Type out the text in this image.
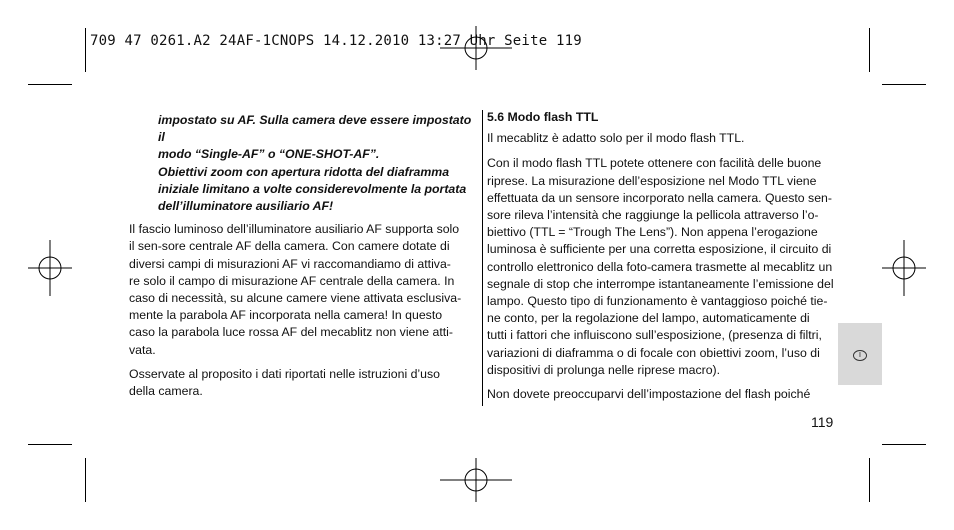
709 47 0261.A2 24AF-1CNOPS 14.12.2010 13:27 Uhr Seite 119

impostato su AF. Sulla camera deve essere impostato il

modo “Single-AF” o “ONE-SHOT-AF”.

Obiettivi zoom con apertura ridotta del diaframma

iniziale limitano a volte considerevolmente la portata

dell’illuminatore ausiliario AF!

Il fascio luminoso dell’illuminatore ausiliario AF supporta solo

il sen-sore centrale AF della camera. Con camere dotate di

diversi campi di misurazioni AF vi raccomandiamo di attiva-

re solo il campo di misurazione AF centrale della camera. In

caso di necessità, su alcune camere viene attivata esclusiva-

mente la parabola AF incorporata nella camera! In questo

caso la parabola luce rossa AF del mecablitz non viene atti-

vata.

Osservate al proposito i dati riportati nelle istruzioni d’uso

della camera.

5.6 Modo flash TTL

Il mecablitz è adatto solo per il modo flash TTL.

Con il modo flash TTL potete ottenere con facilità delle buone

riprese. La misurazione dell’esposizione nel Modo TTL viene

effettuata da un sensore incorporato nella camera. Questo sen-

sore rileva l’intensità che raggiunge la pellicola attraverso l’o-

biettivo (TTL = “Trough The Lens”). Non appena l’erogazione

luminosa è sufficiente per una corretta esposizione, il circuito di

controllo elettronico della foto-camera trasmette al mecablitz un

segnale di stop che interrompe istantaneamente l’emissione del

lampo. Questo tipo di funzionamento è vantaggioso poiché tie-

ne conto, per la regolazione del lampo, automaticamente di

tutti i fattori che influiscono sull’esposizione, (presenza di filtri,

variazioni di diaframma o di focale con obiettivi zoom, l’uso di

dispositivi di prolunga nelle riprese macro).

Non dovete preoccuparvi dell’impostazione del flash poiché

I
119
